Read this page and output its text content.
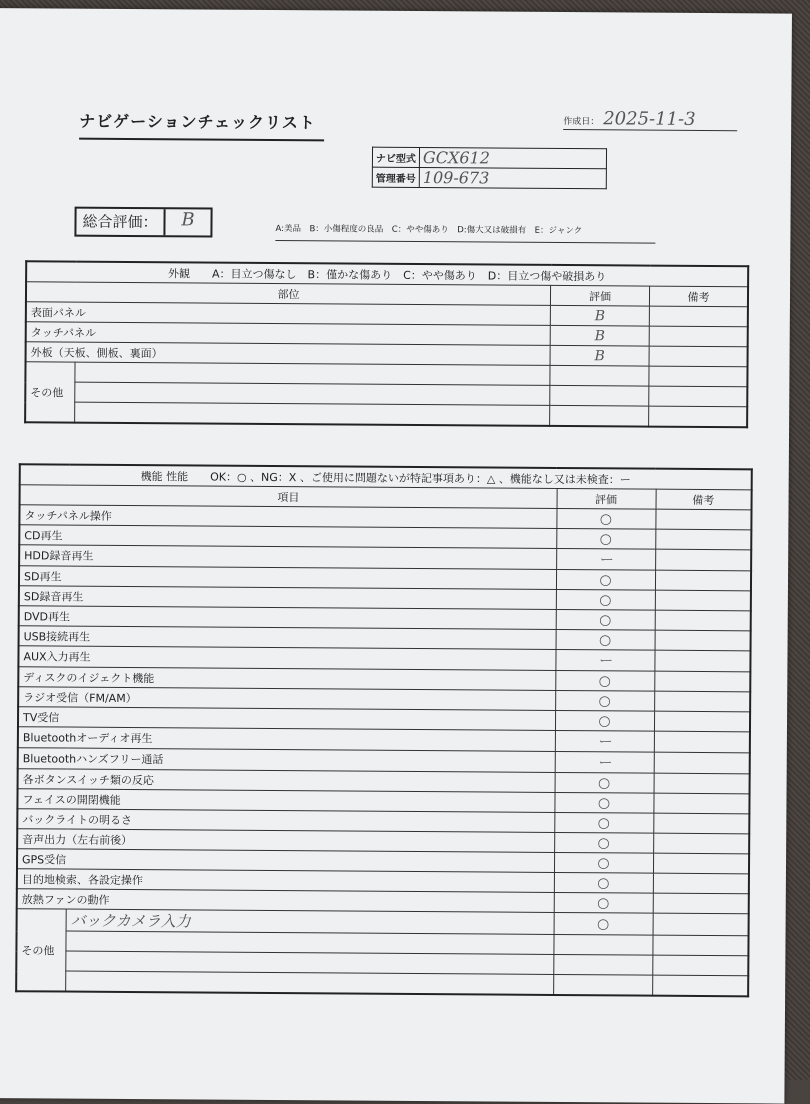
ナビゲーションチェックリスト	作成日： 2025-11-3
ナビ型式	GCX612
管理番号	109-673
総合評価：	B	A:美品　B：小傷程度の良品　C：やや傷あり　D:傷大又は破損有　E：ジャンク
外観　　A：目立つ傷なし　B：僅かな傷あり　C：やや傷あり　D：目立つ傷や破損あり			
部位		評価	備考
表面パネル		B	
タッチパネル		B	
外板（天板、側板、裏面）		B	
その他			

機能 性能　　OK：○ 、NG：X 、ご使用に問題ないが特記事項あり：△ 、機能なし又は未検査：ー			
項目		評価	備考
タッチパネル操作		○	
CD再生		○	
HDD録音再生		ー	
SD再生		○	
SD録音再生		○	
DVD再生		○	
USB接続再生		○	
AUX入力再生		ー	
ディスクのイジェクト機能		○	
ラジオ受信（FM/AM）		○	
TV受信		○	
Bluetoothオーディオ再生		ー	
Bluetoothハンズフリー通話		ー	
各ボタンスイッチ類の反応		○	
フェイスの開閉機能		○	
バックライトの明るさ		○	
音声出力（左右前後）		○	
GPS受信		○	
目的地検索、各設定操作		○	
放熱ファンの動作		○	
その他	バックカメラ入力	○	
